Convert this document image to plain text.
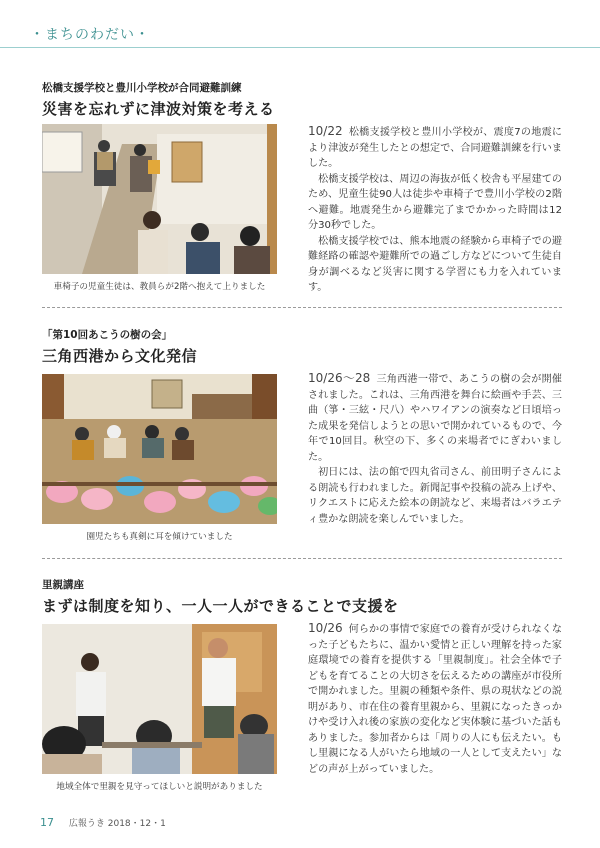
・まちのわだい・
松橋支援学校と豊川小学校が合同避難訓練
災害を忘れずに津波対策を考える
車椅子の児童生徒は、教員らが2階へ抱えて上りました

10/22 松橋支援学校と豊川小学校が、震度7の地震により津波が発生したとの想定で、合同避難訓練を行いました。

松橋支援学校は、周辺の海抜が低く校舎も平屋建てのため、児童生徒90人は徒歩や車椅子で豊川小学校の2階へ避難。地震発生から避難完了までかかった時間は12分30秒でした。

松橋支援学校では、熊本地震の経験から車椅子での避難経路の確認や避難所での過ごし方などについて生徒自身が調べるなど災害に関する学習にも力を入れています。

「第10回あこうの樹の会」
三角西港から文化発信
園児たちも真剣に耳を傾けていました

10/26～28 三角西港一帯で、あこうの樹の会が開催されました。これは、三角西港を舞台に絵画や手芸、三曲（箏・三絃・尺八）やハワイアンの演奏など日頃培った成果を発信しようとの思いで開かれているもので、今年で10回目。秋空の下、多くの来場者でにぎわいました。

初日には、法の館で四丸省司さん、前田明子さんによる朗読も行われました。新聞記事や投稿の読み上げや、リクエストに応えた絵本の朗読など、来場者はバラエティ豊かな朗読を楽しんでいました。

里親講座
まずは制度を知り、一人一人ができることで支援を
地域全体で里親を見守ってほしいと説明がありました

10/26 何らかの事情で家庭での養育が受けられなくなった子どもたちに、温かい愛情と正しい理解を持った家庭環境での養育を提供する「里親制度」。社会全体で子どもを育てることの大切さを伝えるための講座が市役所で開かれました。里親の種類や条件、県の現状などの説明があり、市在住の養育里親から、里親になったきっかけや受け入れ後の家族の変化など実体験に基づいた話もありました。参加者からは「周りの人にも伝えたい。もし里親になる人がいたら地域の一人として支えたい」などの声が上がっていました。

17 広報うき 2018・12・1
